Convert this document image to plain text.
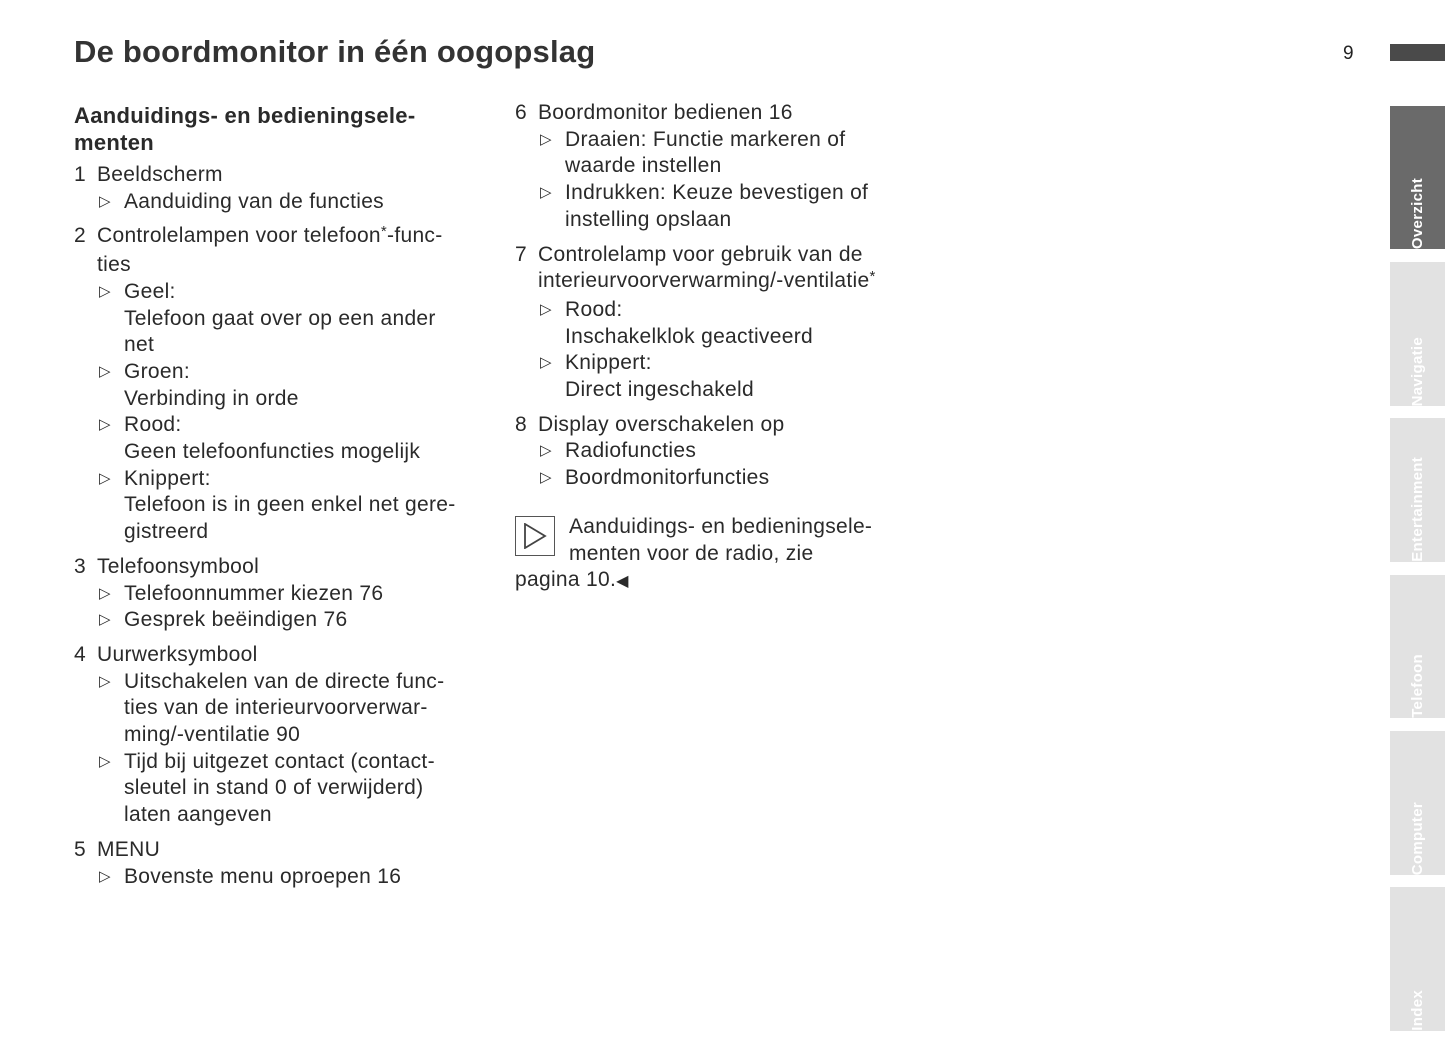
De boordmonitor in één oogopslag	9
Aanduidings- en bedieningsele-
menten
1 Beeldscherm
▷ Aanduiding van de functies
2 Controlelampen voor telefoon*-func-
ties
▷ Geel:
Telefoon gaat over op een ander
net
▷ Groen:
Verbinding in orde
▷ Rood:
Geen telefoonfuncties mogelijk
▷ Knippert:
Telefoon is in geen enkel net gere-
gistreerd
3 Telefoonsymbool
▷ Telefoonnummer kiezen 76
▷ Gesprek beëindigen 76
4 Uurwerksymbool
▷ Uitschakelen van de directe func-
ties van de interieurvoorverwar-
ming/-ventilatie 90
▷ Tijd bij uitgezet contact (contact-
sleutel in stand 0 of verwijderd)
laten aangeven
5 MENU
▷ Bovenste menu oproepen 16
6 Boordmonitor bedienen 16
▷ Draaien: Functie markeren of
waarde instellen
▷ Indrukken: Keuze bevestigen of
instelling opslaan
7 Controlelamp voor gebruik van de
interieurvoorverwarming/-ventilatie*
▷ Rood:
Inschakelklok geactiveerd
▷ Knippert:
Direct ingeschakeld
8 Display overschakelen op
▷ Radiofuncties
▷ Boordmonitorfuncties
Aanduidings- en bedieningsele-
menten voor de radio, zie
pagina 10.◀
Overzicht
Navigatie
Entertainment
Telefoon
Computer
Index
